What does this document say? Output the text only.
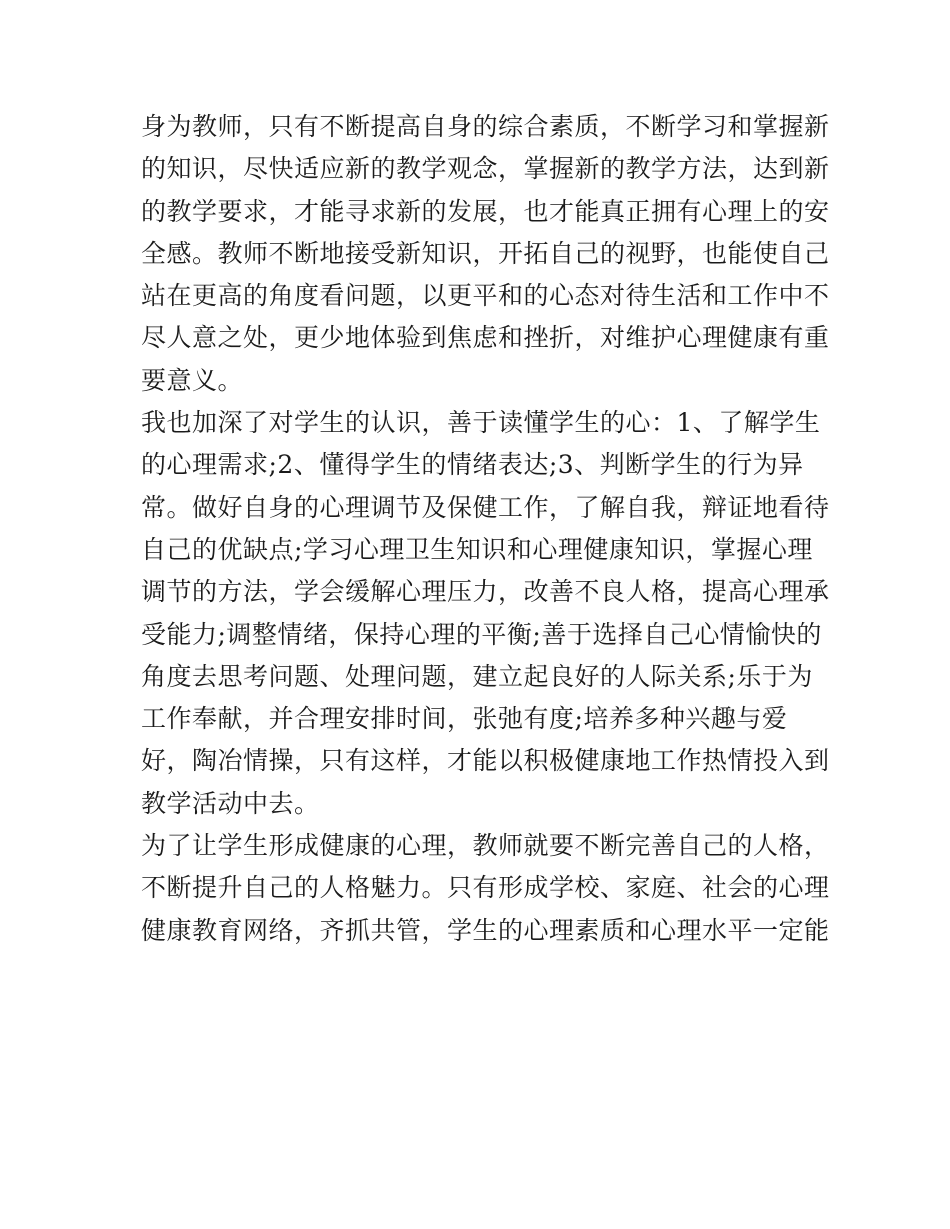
身为教师，只有不断提高自身的综合素质，不断学习和掌握新
的知识，尽快适应新的教学观念，掌握新的教学方法，达到新
的教学要求，才能寻求新的发展，也才能真正拥有心理上的安
全感。教师不断地接受新知识，开拓自己的视野，也能使自己
站在更高的角度看问题，以更平和的心态对待生活和工作中不
尽人意之处，更少地体验到焦虑和挫折，对维护心理健康有重
要意义。
我也加深了对学生的认识，善于读懂学生的心：1、了解学生
的心理需求;2、懂得学生的情绪表达;3、判断学生的行为异
常。做好自身的心理调节及保健工作，了解自我，辩证地看待
自己的优缺点;学习心理卫生知识和心理健康知识，掌握心理
调节的方法，学会缓解心理压力，改善不良人格，提高心理承
受能力;调整情绪，保持心理的平衡;善于选择自己心情愉快的
角度去思考问题、处理问题，建立起良好的人际关系;乐于为
工作奉献，并合理安排时间，张弛有度;培养多种兴趣与爱
好，陶冶情操，只有这样，才能以积极健康地工作热情投入到
教学活动中去。
为了让学生形成健康的心理，教师就要不断完善自己的人格，
不断提升自己的人格魅力。只有形成学校、家庭、社会的心理
健康教育网络，齐抓共管，学生的心理素质和心理水平一定能
